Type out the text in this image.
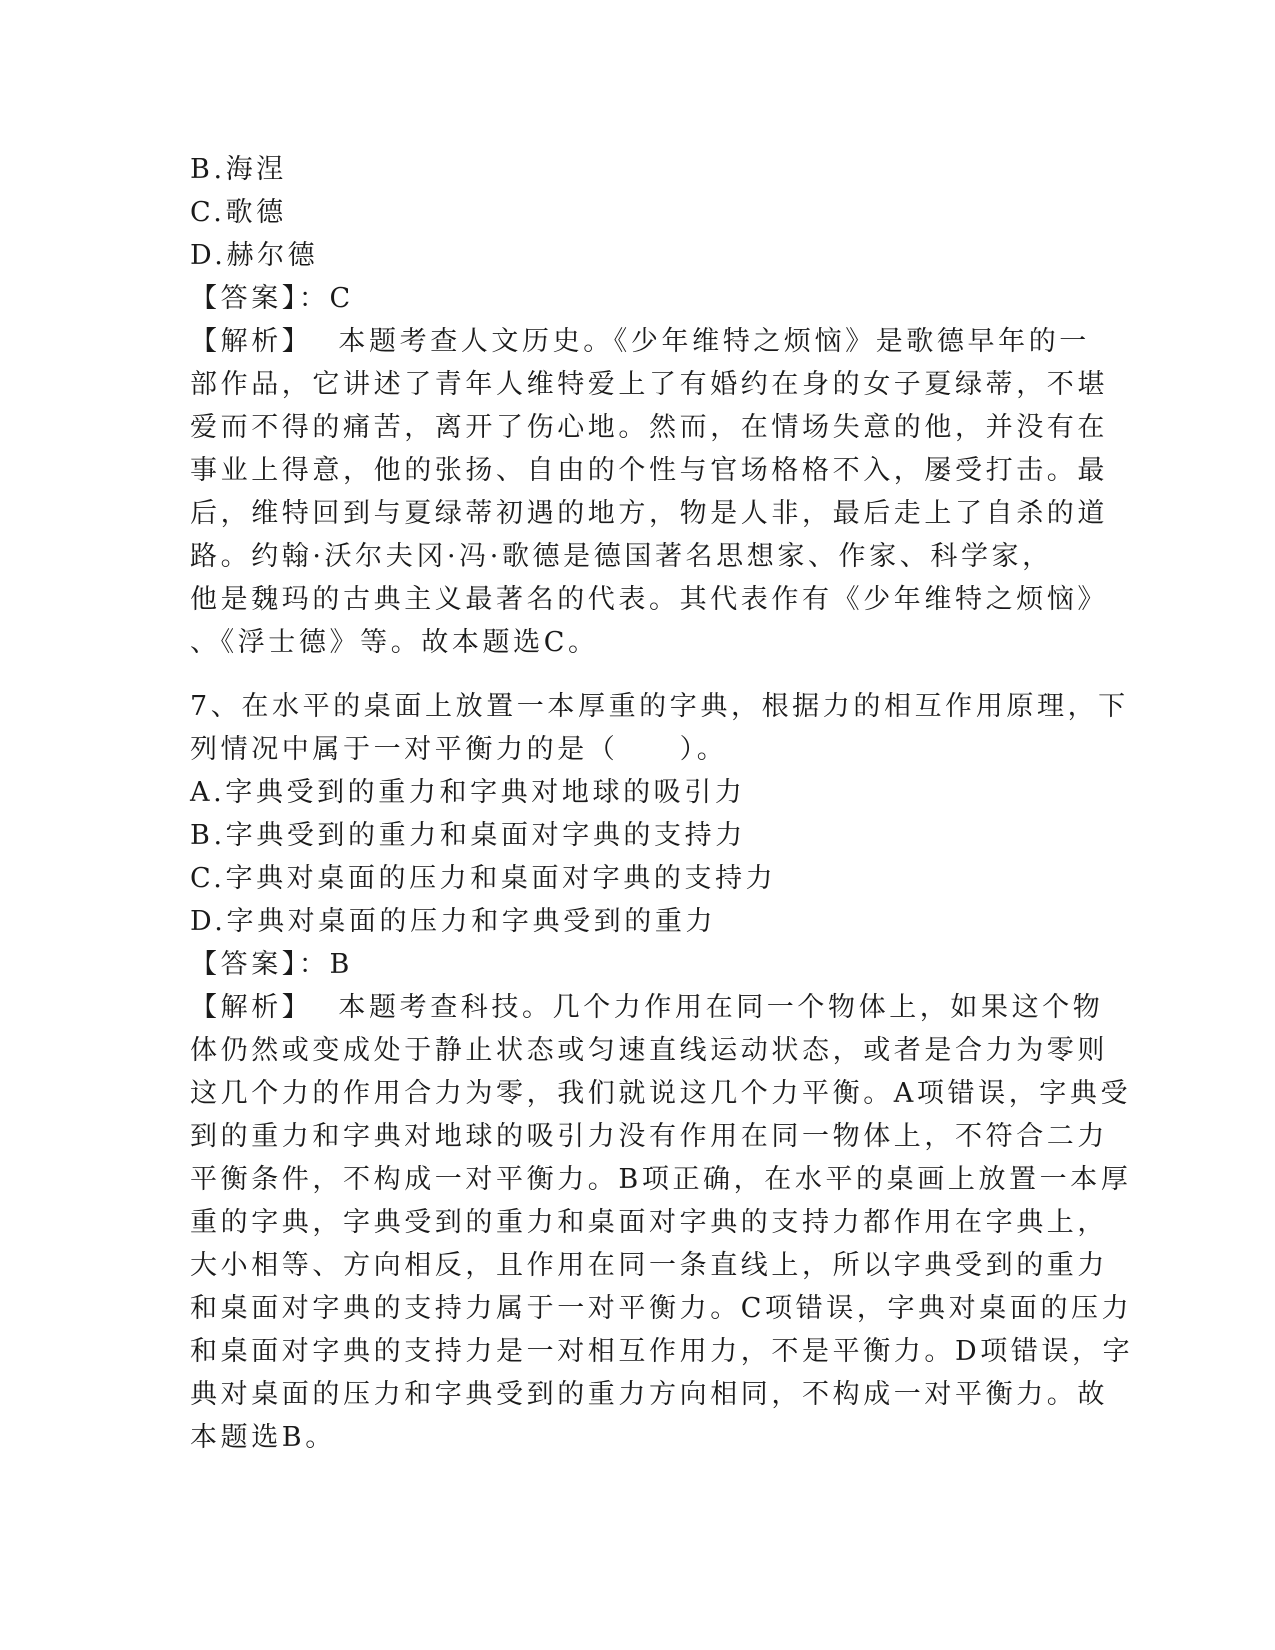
B.海涅
C.歌德
D.赫尔德
【答案】：C
【解析】 本题考查人文历史。《少年维特之烦恼》是歌德早年的一
部作品，它讲述了青年人维特爱上了有婚约在身的女子夏绿蒂，不堪
爱而不得的痛苦，离开了伤心地。然而，在情场失意的他，并没有在
事业上得意，他的张扬、自由的个性与官场格格不入，屡受打击。最
后，维特回到与夏绿蒂初遇的地方，物是人非，最后走上了自杀的道
路。约翰·沃尔夫冈·冯·歌德是德国著名思想家、作家、科学家，
他是魏玛的古典主义最著名的代表。其代表作有《少年维特之烦恼》
、《浮士德》等。故本题选C。
7、在水平的桌面上放置一本厚重的字典，根据力的相互作用原理，下
列情况中属于一对平衡力的是（　　）。
A.字典受到的重力和字典对地球的吸引力
B.字典受到的重力和桌面对字典的支持力
C.字典对桌面的压力和桌面对字典的支持力
D.字典对桌面的压力和字典受到的重力
【答案】：B
【解析】 本题考查科技。几个力作用在同一个物体上，如果这个物
体仍然或变成处于静止状态或匀速直线运动状态，或者是合力为零则
这几个力的作用合力为零，我们就说这几个力平衡。A项错误，字典受
到的重力和字典对地球的吸引力没有作用在同一物体上，不符合二力
平衡条件，不构成一对平衡力。B项正确，在水平的桌画上放置一本厚
重的字典，字典受到的重力和桌面对字典的支持力都作用在字典上，
大小相等、方向相反，且作用在同一条直线上，所以字典受到的重力
和桌面对字典的支持力属于一对平衡力。C项错误，字典对桌面的压力
和桌面对字典的支持力是一对相互作用力，不是平衡力。D项错误，字
典对桌面的压力和字典受到的重力方向相同，不构成一对平衡力。故
本题选B。
